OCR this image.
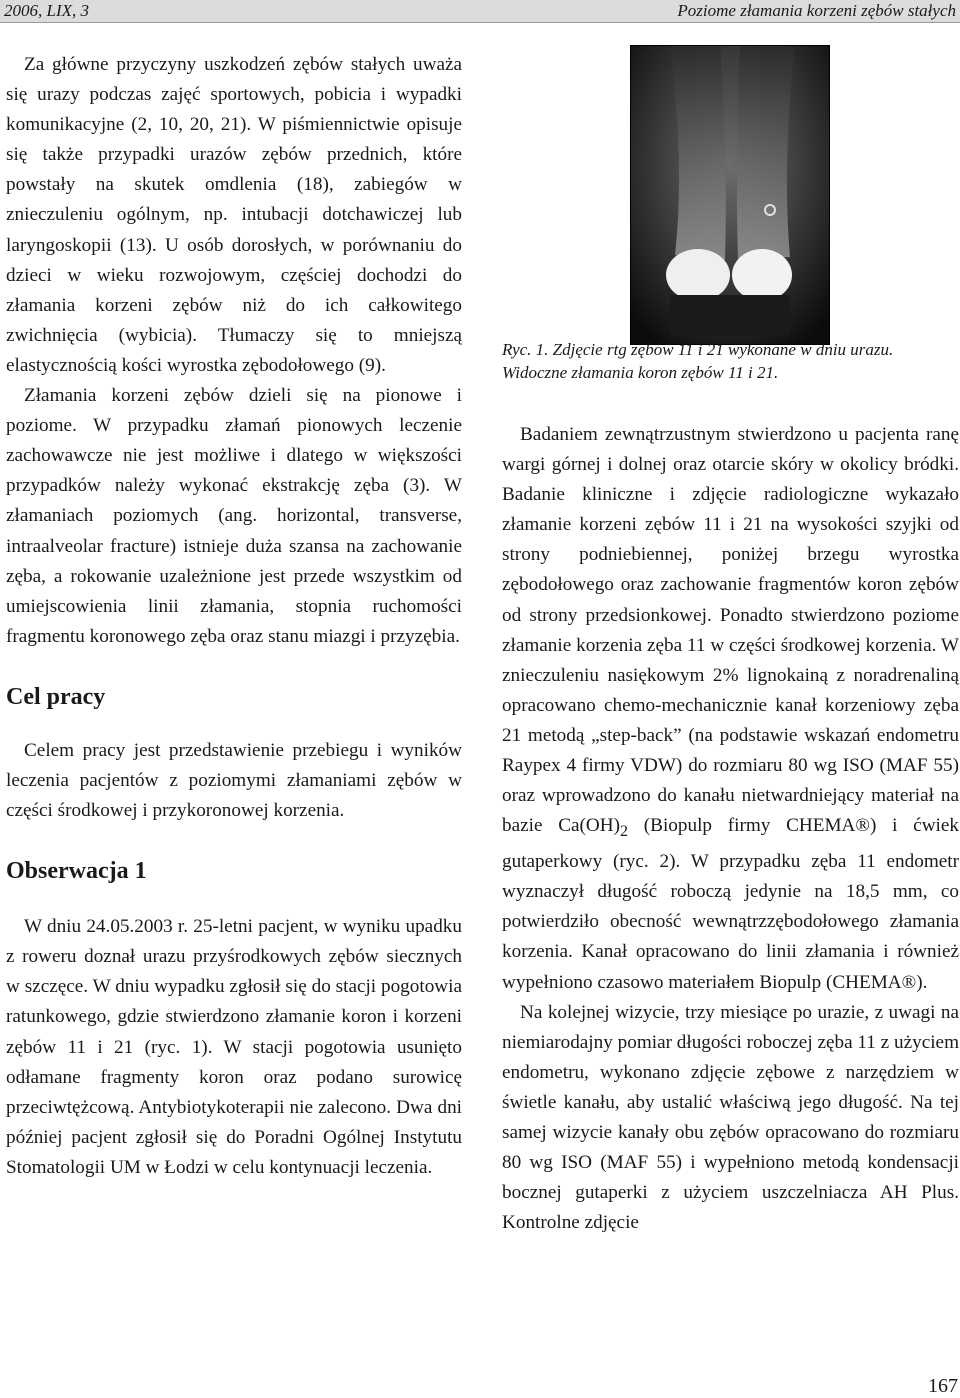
2006, LIX, 3	Poziome złamania korzeni zębów stałych

Za główne przyczyny uszkodzeń zębów stałych uważa się urazy podczas zajęć sportowych, pobicia i wypadki komunikacyjne (2, 10, 20, 21). W piśmiennictwie opisuje się także przypadki urazów zębów przednich, które powstały na skutek omdlenia (18), zabiegów w znieczuleniu ogólnym, np. intubacji dotchawiczej lub laryngoskopii (13). U osób dorosłych, w porównaniu do dzieci w wieku rozwojowym, częściej dochodzi do złamania korzeni zębów niż do ich całkowitego zwichnięcia (wybicia). Tłumaczy się to mniejszą elastycznością kości wyrostka zębodołowego (9).

Złamania korzeni zębów dzieli się na pionowe i poziome. W przypadku złamań pionowych leczenie zachowawcze nie jest możliwe i dlatego w większości przypadków należy wykonać ekstrakcję zęba (3). W złamaniach poziomych (ang. horizontal, transverse, intraalveolar fracture) istnieje duża szansa na zachowanie zęba, a rokowanie uzależnione jest przede wszystkim od umiejscowienia linii złamania, stopnia ruchomości fragmentu koronowego zęba oraz stanu miazgi i przyzębia.

Cel pracy

Celem pracy jest przedstawienie przebiegu i wyników leczenia pacjentów z poziomymi złamaniami zębów w części środkowej i przykoronowej korzenia.

Obserwacja 1

W dniu 24.05.2003 r. 25-letni pacjent, w wyniku upadku z roweru doznał urazu przyśrodkowych zębów siecznych w szczęce. W dniu wypadku zgłosił się do stacji pogotowia ratunkowego, gdzie stwierdzono złamanie koron i korzeni zębów 11 i 21 (ryc. 1). W stacji pogotowia usunięto odłamane fragmenty koron oraz podano surowicę przeciwtężcową. Antybiotykoterapii nie zalecono. Dwa dni później pacjent zgłosił się do Poradni Ogólnej Instytutu Stomatologii UM w Łodzi w celu kontynuacji leczenia.

Ryc. 1. Zdjęcie rtg zębów 11 i 21 wykonane w dniu urazu. Widoczne złamania koron zębów 11 i 21.

Badaniem zewnątrzustnym stwierdzono u pacjenta ranę wargi górnej i dolnej oraz otarcie skóry w okolicy bródki. Badanie kliniczne i zdjęcie radiologiczne wykazało złamanie korzeni zębów 11 i 21 na wysokości szyjki od strony podniebiennej, poniżej brzegu wyrostka zębodołowego oraz zachowanie fragmentów koron zębów od strony przedsionkowej. Ponadto stwierdzono poziome złamanie korzenia zęba 11 w części środkowej korzenia. W znieczuleniu nasiękowym 2% lignokainą z noradrenaliną opracowano chemo-mechanicznie kanał korzeniowy zęba 21 metodą „step-back” (na podstawie wskazań endometru Raypex 4 firmy VDW) do rozmiaru 80 wg ISO (MAF 55) oraz wprowadzono do kanału nietwardniejący materiał na bazie $Ca(OH)_2$ (Biopulp firmy CHEMA®) i ćwiek gutaperkowy (ryc. 2). W przypadku zęba 11 endometr wyznaczył długość roboczą jedynie na 18,5 mm, co potwierdziło obecność wewnątrzzębodołowego złamania korzenia. Kanał opracowano do linii złamania i również wypełniono czasowo materiałem Biopulp (CHEMA®).

Na kolejnej wizycie, trzy miesiące po urazie, z uwagi na niemiarodajny pomiar długości roboczej zęba 11 z użyciem endometru, wykonano zdjęcie zębowe z narzędziem w świetle kanału, aby ustalić właściwą jego długość. Na tej samej wizycie kanały obu zębów opracowano do rozmiaru 80 wg ISO (MAF 55) i wypełniono metodą kondensacji bocznej gutaperki z użyciem uszczelniacza AH Plus. Kontrolne zdjęcie

167
